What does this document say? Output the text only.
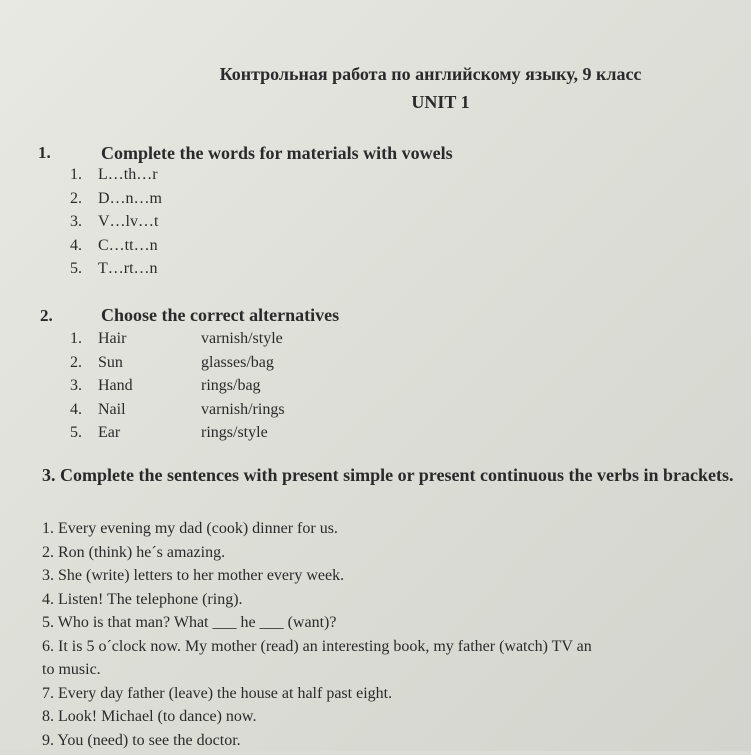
Контрольная работа по английскому языку, 9 класс
UNIT 1
1.	Complete the words for materials with vowels
1. L…th…r
2. D…n…m
3. V…lv…t
4. C…tt…n
5. T…rt…n
2.	Choose the correct alternatives
1. Hair	varnish/style
2. Sun	glasses/bag
3. Hand	rings/bag
4. Nail	varnish/rings
5. Ear	rings/style
3. Complete the sentences with present simple or present continuous the verbs in brackets.
1. Every evening my dad (cook) dinner for us.
2. Ron (think) he´s amazing.
3. She (write) letters to her mother every week.
4. Listen! The telephone (ring).
5. Who is that man? What ___ he ___ (want)?
6. It is 5 o´clock now. My mother (read) an interesting book, my father (watch) TV an
to music.
7. Every day father (leave) the house at half past eight.
8. Look! Michael (to dance) now.
9. You (need) to see the doctor.
